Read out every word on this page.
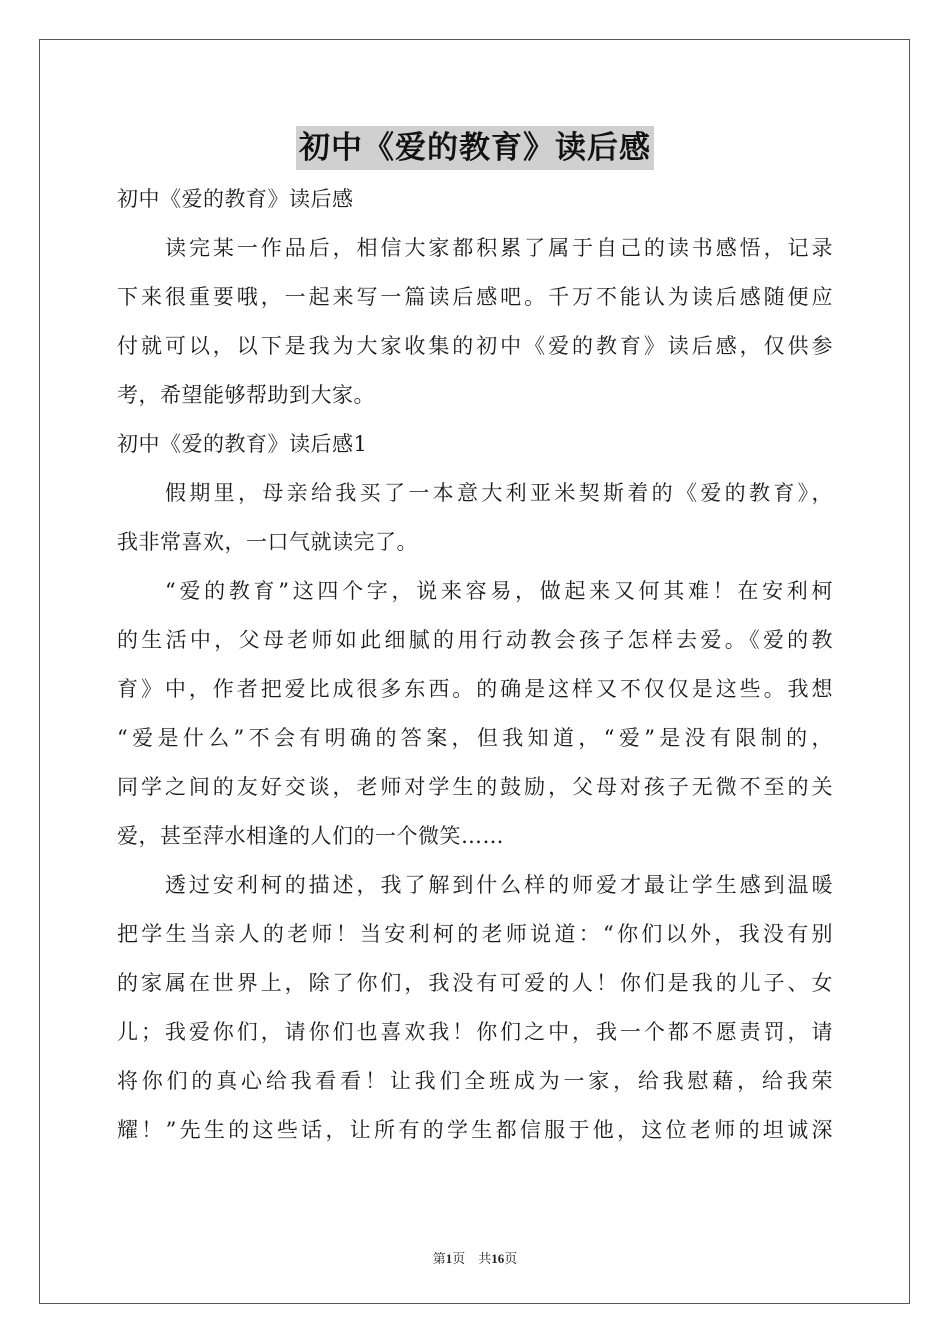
初中《爱的教育》读后感
初中《爱的教育》读后感
读完某一作品后，相信大家都积累了属于自己的读书感悟，记录
下来很重要哦，一起来写一篇读后感吧。千万不能认为读后感随便应
付就可以，以下是我为大家收集的初中《爱的教育》读后感，仅供参
考，希望能够帮助到大家。
初中《爱的教育》读后感1
假期里，母亲给我买了一本意大利亚米契斯着的《爱的教育》，
我非常喜欢，一口气就读完了。
“爱的教育”这四个字，说来容易，做起来又何其难！在安利柯
的生活中，父母老师如此细腻的用行动教会孩子怎样去爱。《爱的教
育》中，作者把爱比成很多东西。的确是这样又不仅仅是这些。我想
“爱是什么”不会有明确的答案，但我知道，“爱”是没有限制的，
同学之间的友好交谈，老师对学生的鼓励，父母对孩子无微不至的关
爱，甚至萍水相逢的人们的一个微笑……
透过安利柯的描述，我了解到什么样的师爱才最让学生感到温暖
把学生当亲人的老师！当安利柯的老师说道：“你们以外，我没有别
的家属在世界上，除了你们，我没有可爱的人！你们是我的儿子、女
儿；我爱你们，请你们也喜欢我！你们之中，我一个都不愿责罚，请
将你们的真心给我看看！让我们全班成为一家，给我慰藉，给我荣
耀！”先生的这些话，让所有的学生都信服于他，这位老师的坦诚深
第1页　共16页
